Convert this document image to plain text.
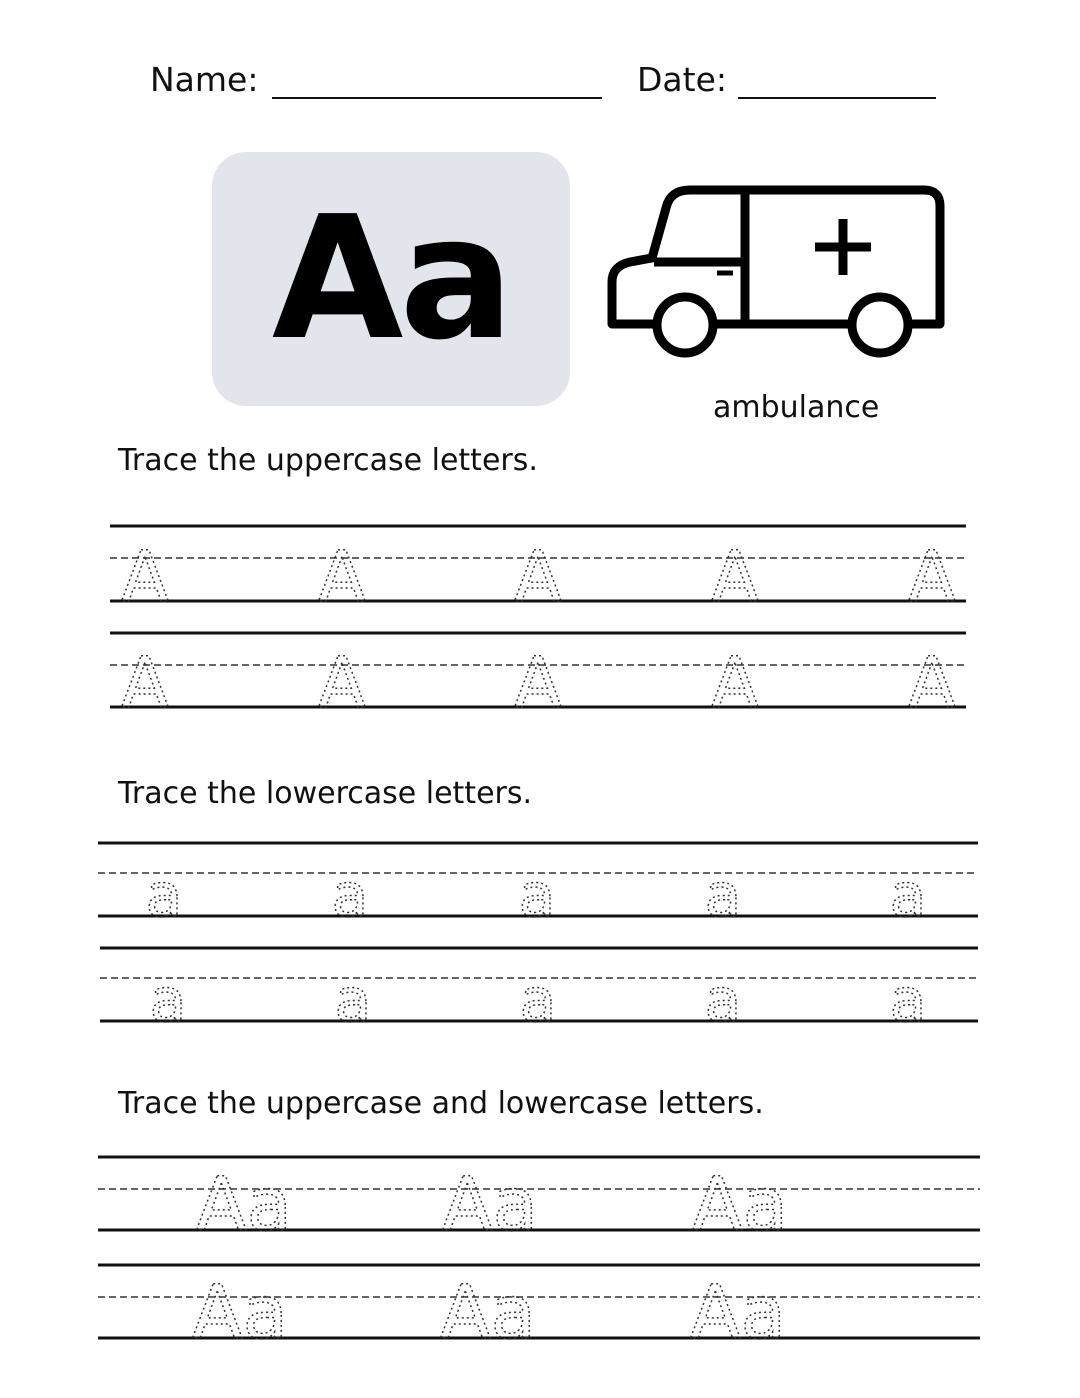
Name:	Date:
Aa
ambulance
Trace the uppercase letters.
A A A A A
A A A A A
Trace the lowercase letters.
a a	a a a
a a a a a
Trace the uppercase and lowercase letters.
Aa Aa Aa
Aa Aa Aa
